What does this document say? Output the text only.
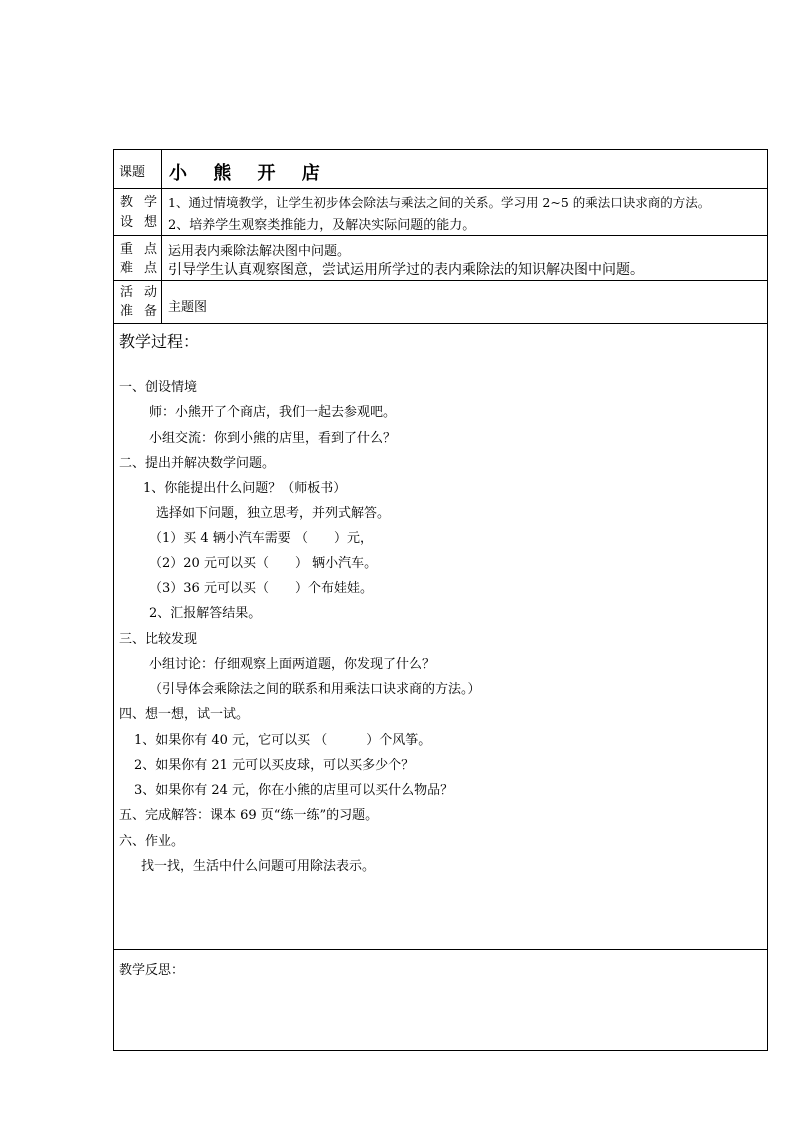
课题 小 熊 开 店
教 学
设想
1、通过情境教学，让学生初步体会除法与乘法之间的关系。学习用 2~5 的乘法口诀求商的方法。
2、培养学生观察类推能力，及解决实际问题的能力。
重 点
难点
运用表内乘除法解决图中问题。
引导学生认真观察图意，尝试运用所学过的表内乘除法的知识解决图中问题。
活 动
准备 主题图
教学过程：
一、创设情境
师：小熊开了个商店，我们一起去参观吧。
小组交流：你到小熊的店里，看到了什么？
二、提出并解决数学问题。
1、你能提出什么问题？（师板书）
选择如下问题，独立思考，并列式解答。
（1）买 4 辆小汽车需要 （　　）元，
（2）20 元可以买（　　） 辆小汽车。
（3）36 元可以买（　　）个布娃娃。
2、汇报解答结果。
三、比较发现
小组讨论：仔细观察上面两道题，你发现了什么？
（引导体会乘除法之间的联系和用乘法口诀求商的方法。）
四、想一想，试一试。
1、如果你有 40 元，它可以买 （　　　）个风筝。
2、如果你有 21 元可以买皮球，可以买多少个？
3、如果你有 24 元，你在小熊的店里可以买什么物品？
五、完成解答：课本 69 页“练一练”的习题。
六、作业。
找一找，生活中什么问题可用除法表示。
教学反思：
